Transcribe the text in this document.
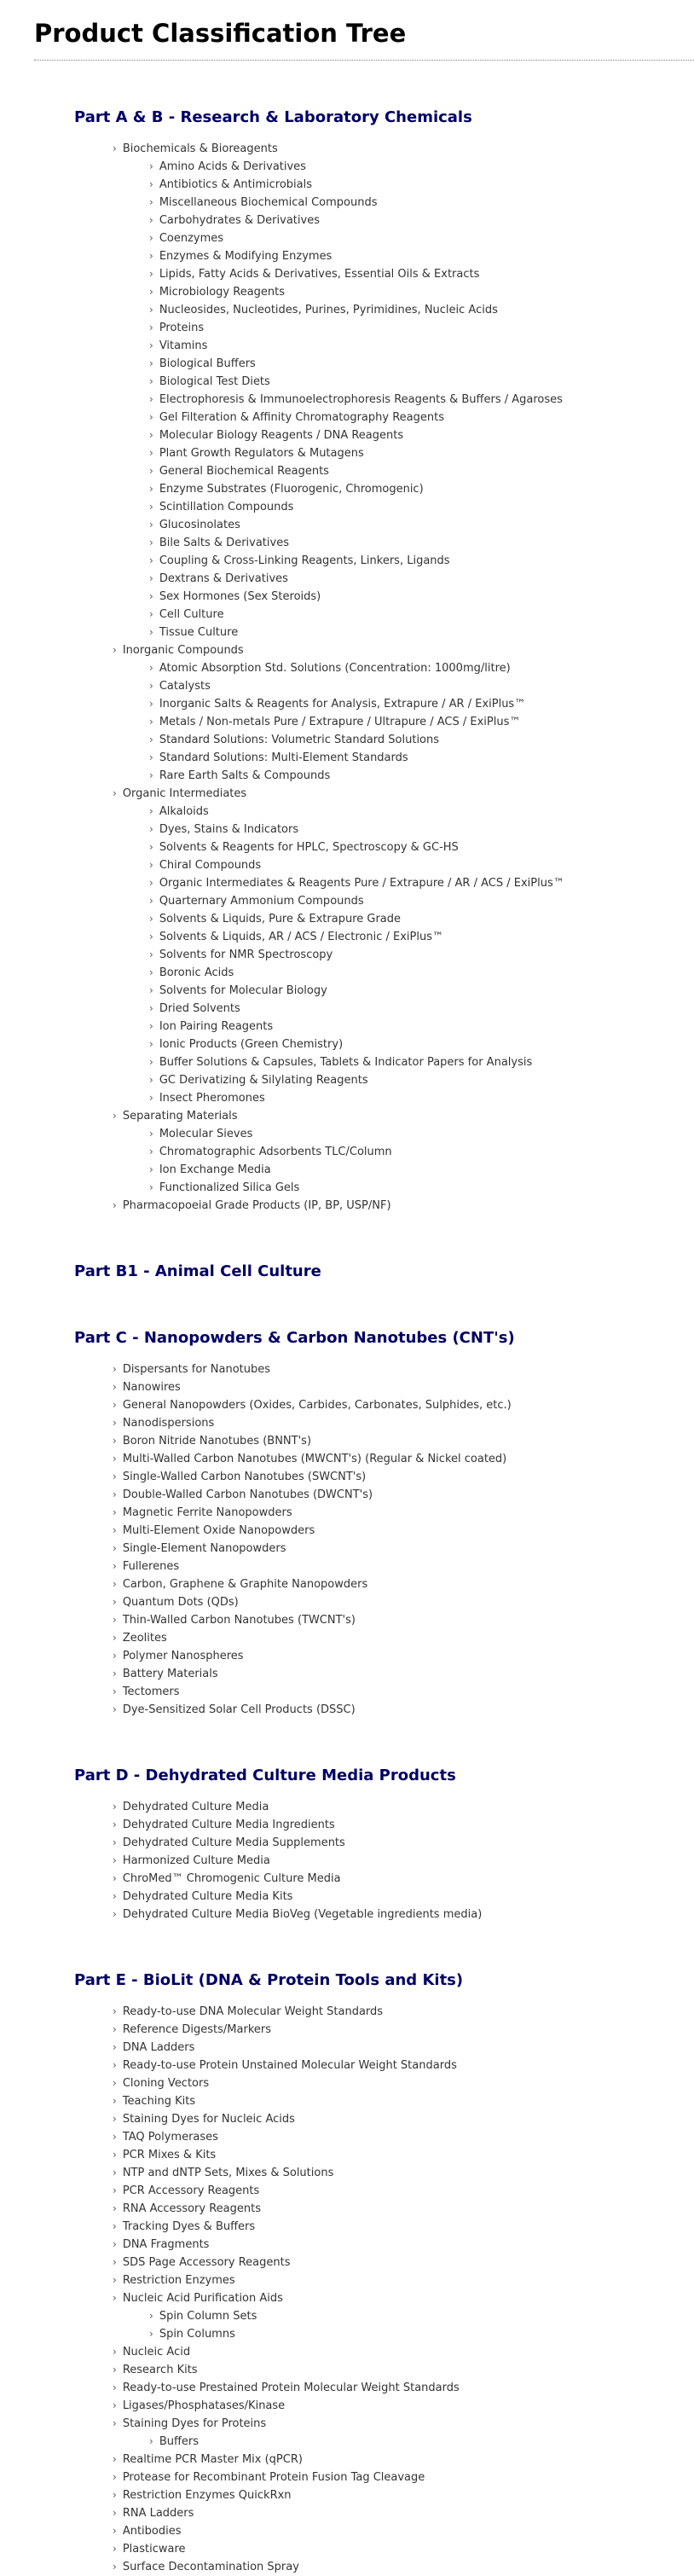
Product Classification Tree
Part A & B - Research & Laboratory Chemicals
› Biochemicals & Bioreagents
› Amino Acids & Derivatives
› Antibiotics & Antimicrobials
› Miscellaneous Biochemical Compounds
› Carbohydrates & Derivatives
› Coenzymes
› Enzymes & Modifying Enzymes
› Lipids, Fatty Acids & Derivatives, Essential Oils & Extracts
› Microbiology Reagents
› Nucleosides, Nucleotides, Purines, Pyrimidines, Nucleic Acids
› Proteins
› Vitamins
› Biological Buffers
› Biological Test Diets
› Electrophoresis & Immunoelectrophoresis Reagents & Buffers / Agaroses
› Gel Filteration & Affinity Chromatography Reagents
› Molecular Biology Reagents / DNA Reagents
› Plant Growth Regulators & Mutagens
› General Biochemical Reagents
› Enzyme Substrates (Fluorogenic, Chromogenic)
› Scintillation Compounds
› Glucosinolates
› Bile Salts & Derivatives
› Coupling & Cross-Linking Reagents, Linkers, Ligands
› Dextrans & Derivatives
› Sex Hormones (Sex Steroids)
› Cell Culture
› Tissue Culture
› Inorganic Compounds
› Atomic Absorption Std. Solutions (Concentration: 1000mg/litre)
› Catalysts
› Inorganic Salts & Reagents for Analysis, Extrapure / AR / ExiPlus™
› Metals / Non-metals Pure / Extrapure / Ultrapure / ACS / ExiPlus™
› Standard Solutions: Volumetric Standard Solutions
› Standard Solutions: Multi-Element Standards
› Rare Earth Salts & Compounds
› Organic Intermediates
› Alkaloids
› Dyes, Stains & Indicators
› Solvents & Reagents for HPLC, Spectroscopy & GC-HS
› Chiral Compounds
› Organic Intermediates & Reagents Pure / Extrapure / AR / ACS / ExiPlus™
› Quarternary Ammonium Compounds
› Solvents & Liquids, Pure & Extrapure Grade
› Solvents & Liquids, AR / ACS / Electronic / ExiPlus™
› Solvents for NMR Spectroscopy
› Boronic Acids
› Solvents for Molecular Biology
› Dried Solvents
› Ion Pairing Reagents
› Ionic Products (Green Chemistry)
› Buffer Solutions & Capsules, Tablets & Indicator Papers for Analysis
› GC Derivatizing & Silylating Reagents
› Insect Pheromones
› Separating Materials
› Molecular Sieves
› Chromatographic Adsorbents TLC/Column
› Ion Exchange Media
› Functionalized Silica Gels
› Pharmacopoeial Grade Products (IP, BP, USP/NF)
Part B1 - Animal Cell Culture
Part C - Nanopowders & Carbon Nanotubes (CNT's)
› Dispersants for Nanotubes
› Nanowires
› General Nanopowders (Oxides, Carbides, Carbonates, Sulphides, etc.)
› Nanodispersions
› Boron Nitride Nanotubes (BNNT's)
› Multi-Walled Carbon Nanotubes (MWCNT's) (Regular & Nickel coated)
› Single-Walled Carbon Nanotubes (SWCNT's)
› Double-Walled Carbon Nanotubes (DWCNT's)
› Magnetic Ferrite Nanopowders
› Multi-Element Oxide Nanopowders
› Single-Element Nanopowders
› Fullerenes
› Carbon, Graphene & Graphite Nanopowders
› Quantum Dots (QDs)
› Thin-Walled Carbon Nanotubes (TWCNT's)
› Zeolites
› Polymer Nanospheres
› Battery Materials
› Tectomers
› Dye-Sensitized Solar Cell Products (DSSC)
Part D - Dehydrated Culture Media Products
› Dehydrated Culture Media
› Dehydrated Culture Media Ingredients
› Dehydrated Culture Media Supplements
› Harmonized Culture Media
› ChroMed™ Chromogenic Culture Media
› Dehydrated Culture Media Kits
› Dehydrated Culture Media BioVeg (Vegetable ingredients media)
Part E - BioLit (DNA & Protein Tools and Kits)
› Ready-to-use DNA Molecular Weight Standards
› Reference Digests/Markers
› DNA Ladders
› Ready-to-use Protein Unstained Molecular Weight Standards
› Cloning Vectors
› Teaching Kits
› Staining Dyes for Nucleic Acids
› TAQ Polymerases
› PCR Mixes & Kits
› NTP and dNTP Sets, Mixes & Solutions
› PCR Accessory Reagents
› RNA Accessory Reagents
› Tracking Dyes & Buffers
› DNA Fragments
› SDS Page Accessory Reagents
› Restriction Enzymes
› Nucleic Acid Purification Aids
› Spin Column Sets
› Spin Columns
› Nucleic Acid
› Research Kits
› Ready-to-use Prestained Protein Molecular Weight Standards
› Ligases/Phosphatases/Kinase
› Staining Dyes for Proteins
› Buffers
› Realtime PCR Master Mix (qPCR)
› Protease for Recombinant Protein Fusion Tag Cleavage
› Restriction Enzymes QuickRxn
› RNA Ladders
› Antibodies
› Plasticware
› Surface Decontamination Spray
